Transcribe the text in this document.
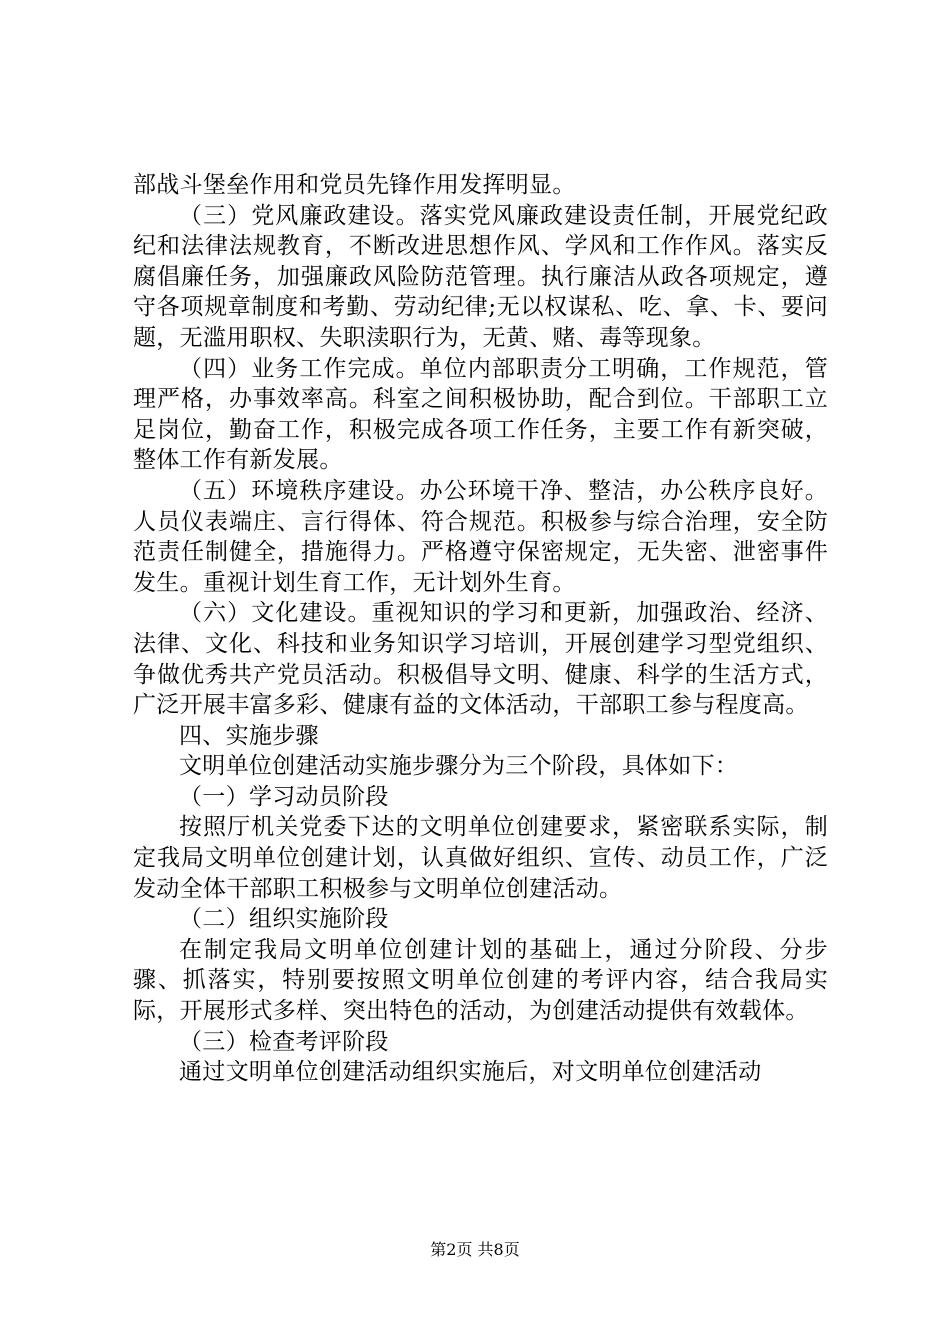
部战斗堡垒作用和党员先锋作用发挥明显。

（三）党风廉政建设。落实党风廉政建设责任制，开展党纪政纪和法律法规教育，不断改进思想作风、学风和工作作风。落实反腐倡廉任务，加强廉政风险防范管理。执行廉洁从政各项规定，遵守各项规章制度和考勤、劳动纪律;无以权谋私、吃、拿、卡、要问题，无滥用职权、失职渎职行为，无黄、赌、毒等现象。

（四）业务工作完成。单位内部职责分工明确，工作规范，管理严格，办事效率高。科室之间积极协助，配合到位。干部职工立足岗位，勤奋工作，积极完成各项工作任务，主要工作有新突破，整体工作有新发展。

（五）环境秩序建设。办公环境干净、整洁，办公秩序良好。人员仪表端庄、言行得体、符合规范。积极参与综合治理，安全防范责任制健全，措施得力。严格遵守保密规定，无失密、泄密事件发生。重视计划生育工作，无计划外生育。

（六）文化建设。重视知识的学习和更新，加强政治、经济、法律、文化、科技和业务知识学习培训，开展创建学习型党组织、争做优秀共产党员活动。积极倡导文明、健康、科学的生活方式，广泛开展丰富多彩、健康有益的文体活动，干部职工参与程度高。

四、实施步骤

文明单位创建活动实施步骤分为三个阶段，具体如下：

（一）学习动员阶段

按照厅机关党委下达的文明单位创建要求，紧密联系实际，制定我局文明单位创建计划，认真做好组织、宣传、动员工作，广泛发动全体干部职工积极参与文明单位创建活动。

（二）组织实施阶段

在制定我局文明单位创建计划的基础上，通过分阶段、分步骤、抓落实，特别要按照文明单位创建的考评内容，结合我局实际，开展形式多样、突出特色的活动，为创建活动提供有效载体。

（三）检查考评阶段

通过文明单位创建活动组织实施后，对文明单位创建活动

第2页 共8页
